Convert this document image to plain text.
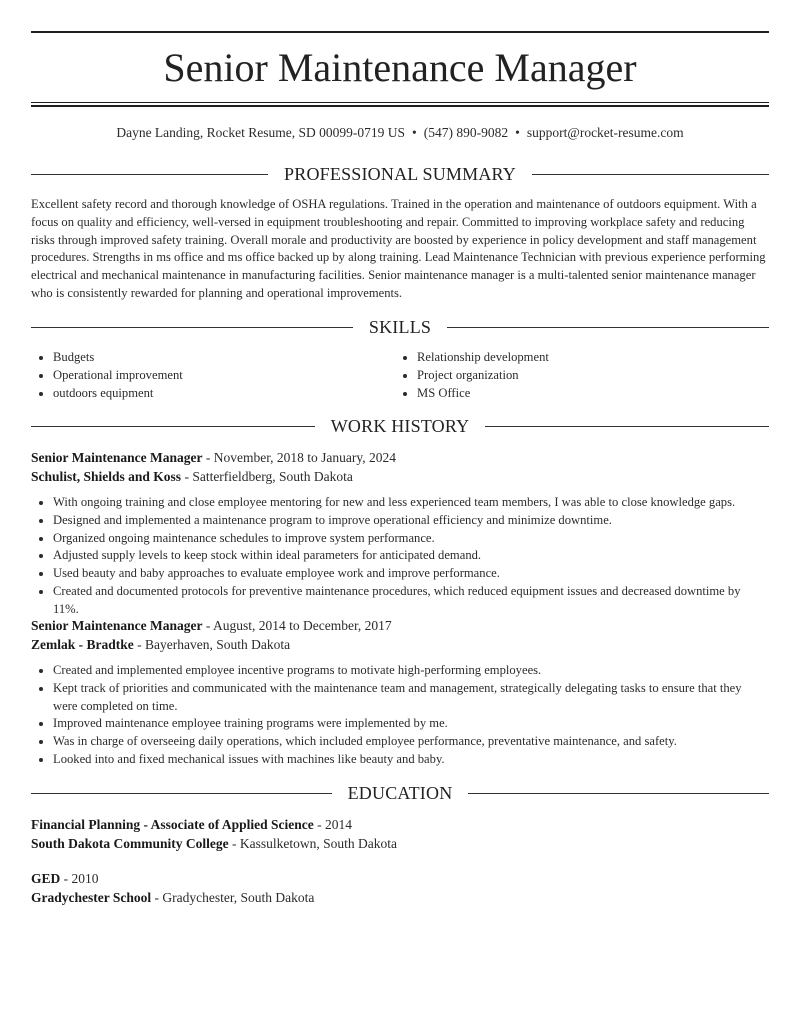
Senior Maintenance Manager
Dayne Landing, Rocket Resume, SD 00099-0719 US • (547) 890-9082 • support@rocket-resume.com
PROFESSIONAL SUMMARY

Excellent safety record and thorough knowledge of OSHA regulations. Trained in the operation and maintenance of outdoors equipment. With a focus on quality and efficiency, well-versed in equipment troubleshooting and repair. Committed to improving workplace safety and reducing risks through improved safety training. Overall morale and productivity are boosted by experience in policy development and staff management procedures. Strengths in ms office and ms office backed up by along training. Lead Maintenance Technician with previous experience performing electrical and mechanical maintenance in manufacturing facilities. Senior maintenance manager is a multi-talented senior maintenance manager who is consistently rewarded for planning and operational improvements.

SKILLS
Budgets
Operational improvement
outdoors equipment
Relationship development
Project organization
MS Office
WORK HISTORY
Senior Maintenance Manager - November, 2018 to January, 2024
Schulist, Shields and Koss - Satterfieldberg, South Dakota
With ongoing training and close employee mentoring for new and less experienced team members, I was able to close knowledge gaps.
Designed and implemented a maintenance program to improve operational efficiency and minimize downtime.
Organized ongoing maintenance schedules to improve system performance.
Adjusted supply levels to keep stock within ideal parameters for anticipated demand.
Used beauty and baby approaches to evaluate employee work and improve performance.
Created and documented protocols for preventive maintenance procedures, which reduced equipment issues and decreased downtime by 11%.
Senior Maintenance Manager - August, 2014 to December, 2017
Zemlak - Bradtke - Bayerhaven, South Dakota
Created and implemented employee incentive programs to motivate high-performing employees.
Kept track of priorities and communicated with the maintenance team and management, strategically delegating tasks to ensure that they were completed on time.
Improved maintenance employee training programs were implemented by me.
Was in charge of overseeing daily operations, which included employee performance, preventative maintenance, and safety.
Looked into and fixed mechanical issues with machines like beauty and baby.
EDUCATION
Financial Planning - Associate of Applied Science - 2014
South Dakota Community College - Kassulketown, South Dakota
GED - 2010
Gradychester School - Gradychester, South Dakota
